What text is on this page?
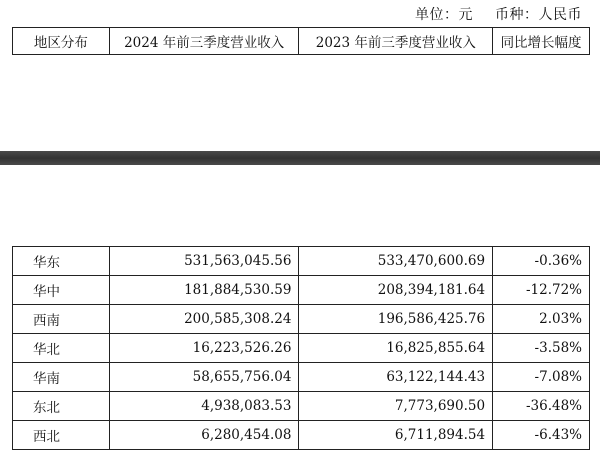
单位：元 币种：人民币
地区分布	2024 年前三季度营业收入	2023 年前三季度营业收入	同比增长幅度
华东	531,563,045.56	533,470,600.69	-0.36%
华中	181,884,530.59	208,394,181.64	-12.72%
西南	200,585,308.24	196,586,425.76	2.03%
华北	16,223,526.26	16,825,855.64	-3.58%
华南	58,655,756.04	63,122,144.43	-7.08%
东北	4,938,083.53	7,773,690.50	-36.48%
西北	6,280,454.08	6,711,894.54	-6.43%
